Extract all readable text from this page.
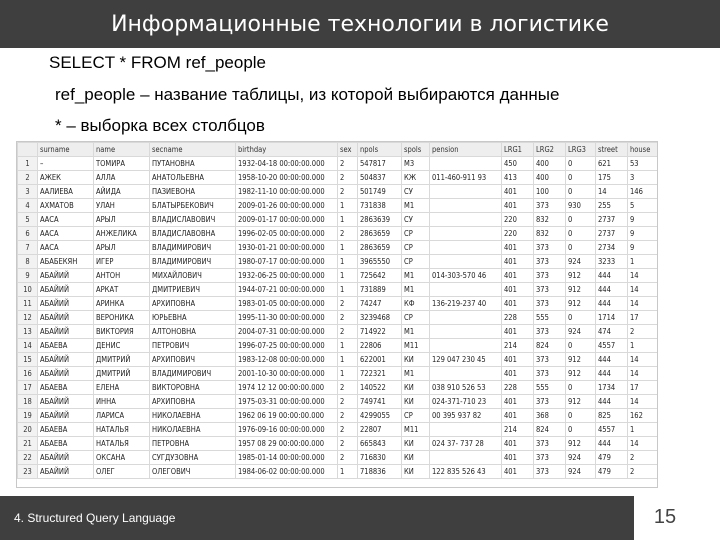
Информационные технологии в логистике
SELECT * FROM ref_people
ref_people – название таблицы, из которой выбираются данные
* – выборка всех столбцов
	surname	name	secname	birthday	sex	npols	spols	pension	LRG1	LRG2	LRG3	street	house
1	–	ТОМИРА	ПУТАНОВНА	1932-04-18 00:00:00.000	2	547817	М3		450	400	0	621	53
2	АЖЕК	АЛЛА	АНАТОЛЬЕВНА	1958-10-20 00:00:00.000	2	504837	КЖ	011-460-911 93	413	400	0	175	3
3	ААЛИЕВА	АЙИДА	ПАЗИЕВОНА	1982-11-10 00:00:00.000	2	501749	СУ		401	100	0	14	146
4	АХМАТОВ	УЛАН	БЛАТЫРБЕКОВИЧ	2009-01-26 00:00:00.000	1	731838	М1		401	373	930	255	5
5	ААСА	АРЫЛ	ВЛАДИСЛАВОВИЧ	2009-01-17 00:00:00.000	1	2863639	СУ		220	832	0	2737	9
6	ААСА	АНЖЕЛИКА	ВЛАДИСЛАВОВНА	1996-02-05 00:00:00.000	2	2863659	СР		220	832	0	2737	9
7	ААСА	АРЫЛ	ВЛАДИМИРОВИЧ	1930-01-21 00:00:00.000	1	2863659	СР		401	373	0	2734	9
8	АБАБЕКЯН	ИГЕР	ВЛАДИМИРОВИЧ	1980-07-17 00:00:00.000	1	3965550	СР		401	373	924	3233	1
9	АБАЙИЙ	АНТОН	МИХАЙЛОВИЧ	1932-06-25 00:00:00.000	1	725642	М1	014-303-570 46	401	373	912	444	14
10	АБАЙИЙ	АРКАТ	ДМИТРИЕВИЧ	1944-07-21 00:00:00.000	1	731889	М1		401	373	912	444	14
11	АБАЙИЙ	АРИНКА	АРХИПОВНА	1983-01-05 00:00:00.000	2	74247	КФ	136-219-237 40	401	373	912	444	14
12	АБАЙИЙ	ВЕРОНИКА	ЮРЬЕВНА	1995-11-30 00:00:00.000	2	3239468	СР		228	555	0	1714	17
13	АБАЙИЙ	ВИКТОРИЯ	АЛТОНОВНА	2004-07-31 00:00:00.000	2	714922	М1		401	373	924	474	2
14	АБАЕВА	ДЕНИС	ПЕТРОВИЧ	1996-07-25 00:00:00.000	1	22806	М11		214	824	0	4557	1
15	АБАЙИЙ	ДМИТРИЙ	АРХИПОВИЧ	1983-12-08 00:00:00.000	1	622001	КИ	129 047 230 45	401	373	912	444	14
16	АБАЙИЙ	ДМИТРИЙ	ВЛАДИМИРОВИЧ	2001-10-30 00:00:00.000	1	722321	М1		401	373	912	444	14
17	АБАЕВА	ЕЛЕНА	ВИКТОРОВНА	1974 12 12 00:00:00.000	2	140522	КИ	038 910 526 53	228	555	0	1734	17
18	АБАЙИЙ	ИННА	АРХИПОВНА	1975-03-31 00:00:00.000	2	749741	КИ	024-371-710 23	401	373	912	444	14
19	АБАЙИЙ	ЛАРИСА	НИКОЛАЕВНА	1962 06 19 00:00:00.000	2	4299055	СР	00 395 937 82	401	368	0	825	162
20	АБАЕВА	НАТАЛЬЯ	НИКОЛАЕВНА	1976-09-16 00:00:00.000	2	22807	М11		214	824	0	4557	1
21	АБАЕВА	НАТАЛЬЯ	ПЕТРОВНА	1957 08 29 00:00:00.000	2	665843	КИ	024 37- 737 28	401	373	912	444	14
22	АБАЙИЙ	ОКСАНА	СУГДУЗОВНА	1985-01-14 00:00:00.000	2	716830	КИ		401	373	924	479	2
23	АБАЙИЙ	ОЛЕГ	ОЛЕГОВИЧ	1984-06-02 00:00:00.000	1	718836	КИ	122 835 526 43	401	373	924	479	2
4. Structured Query Language	15
